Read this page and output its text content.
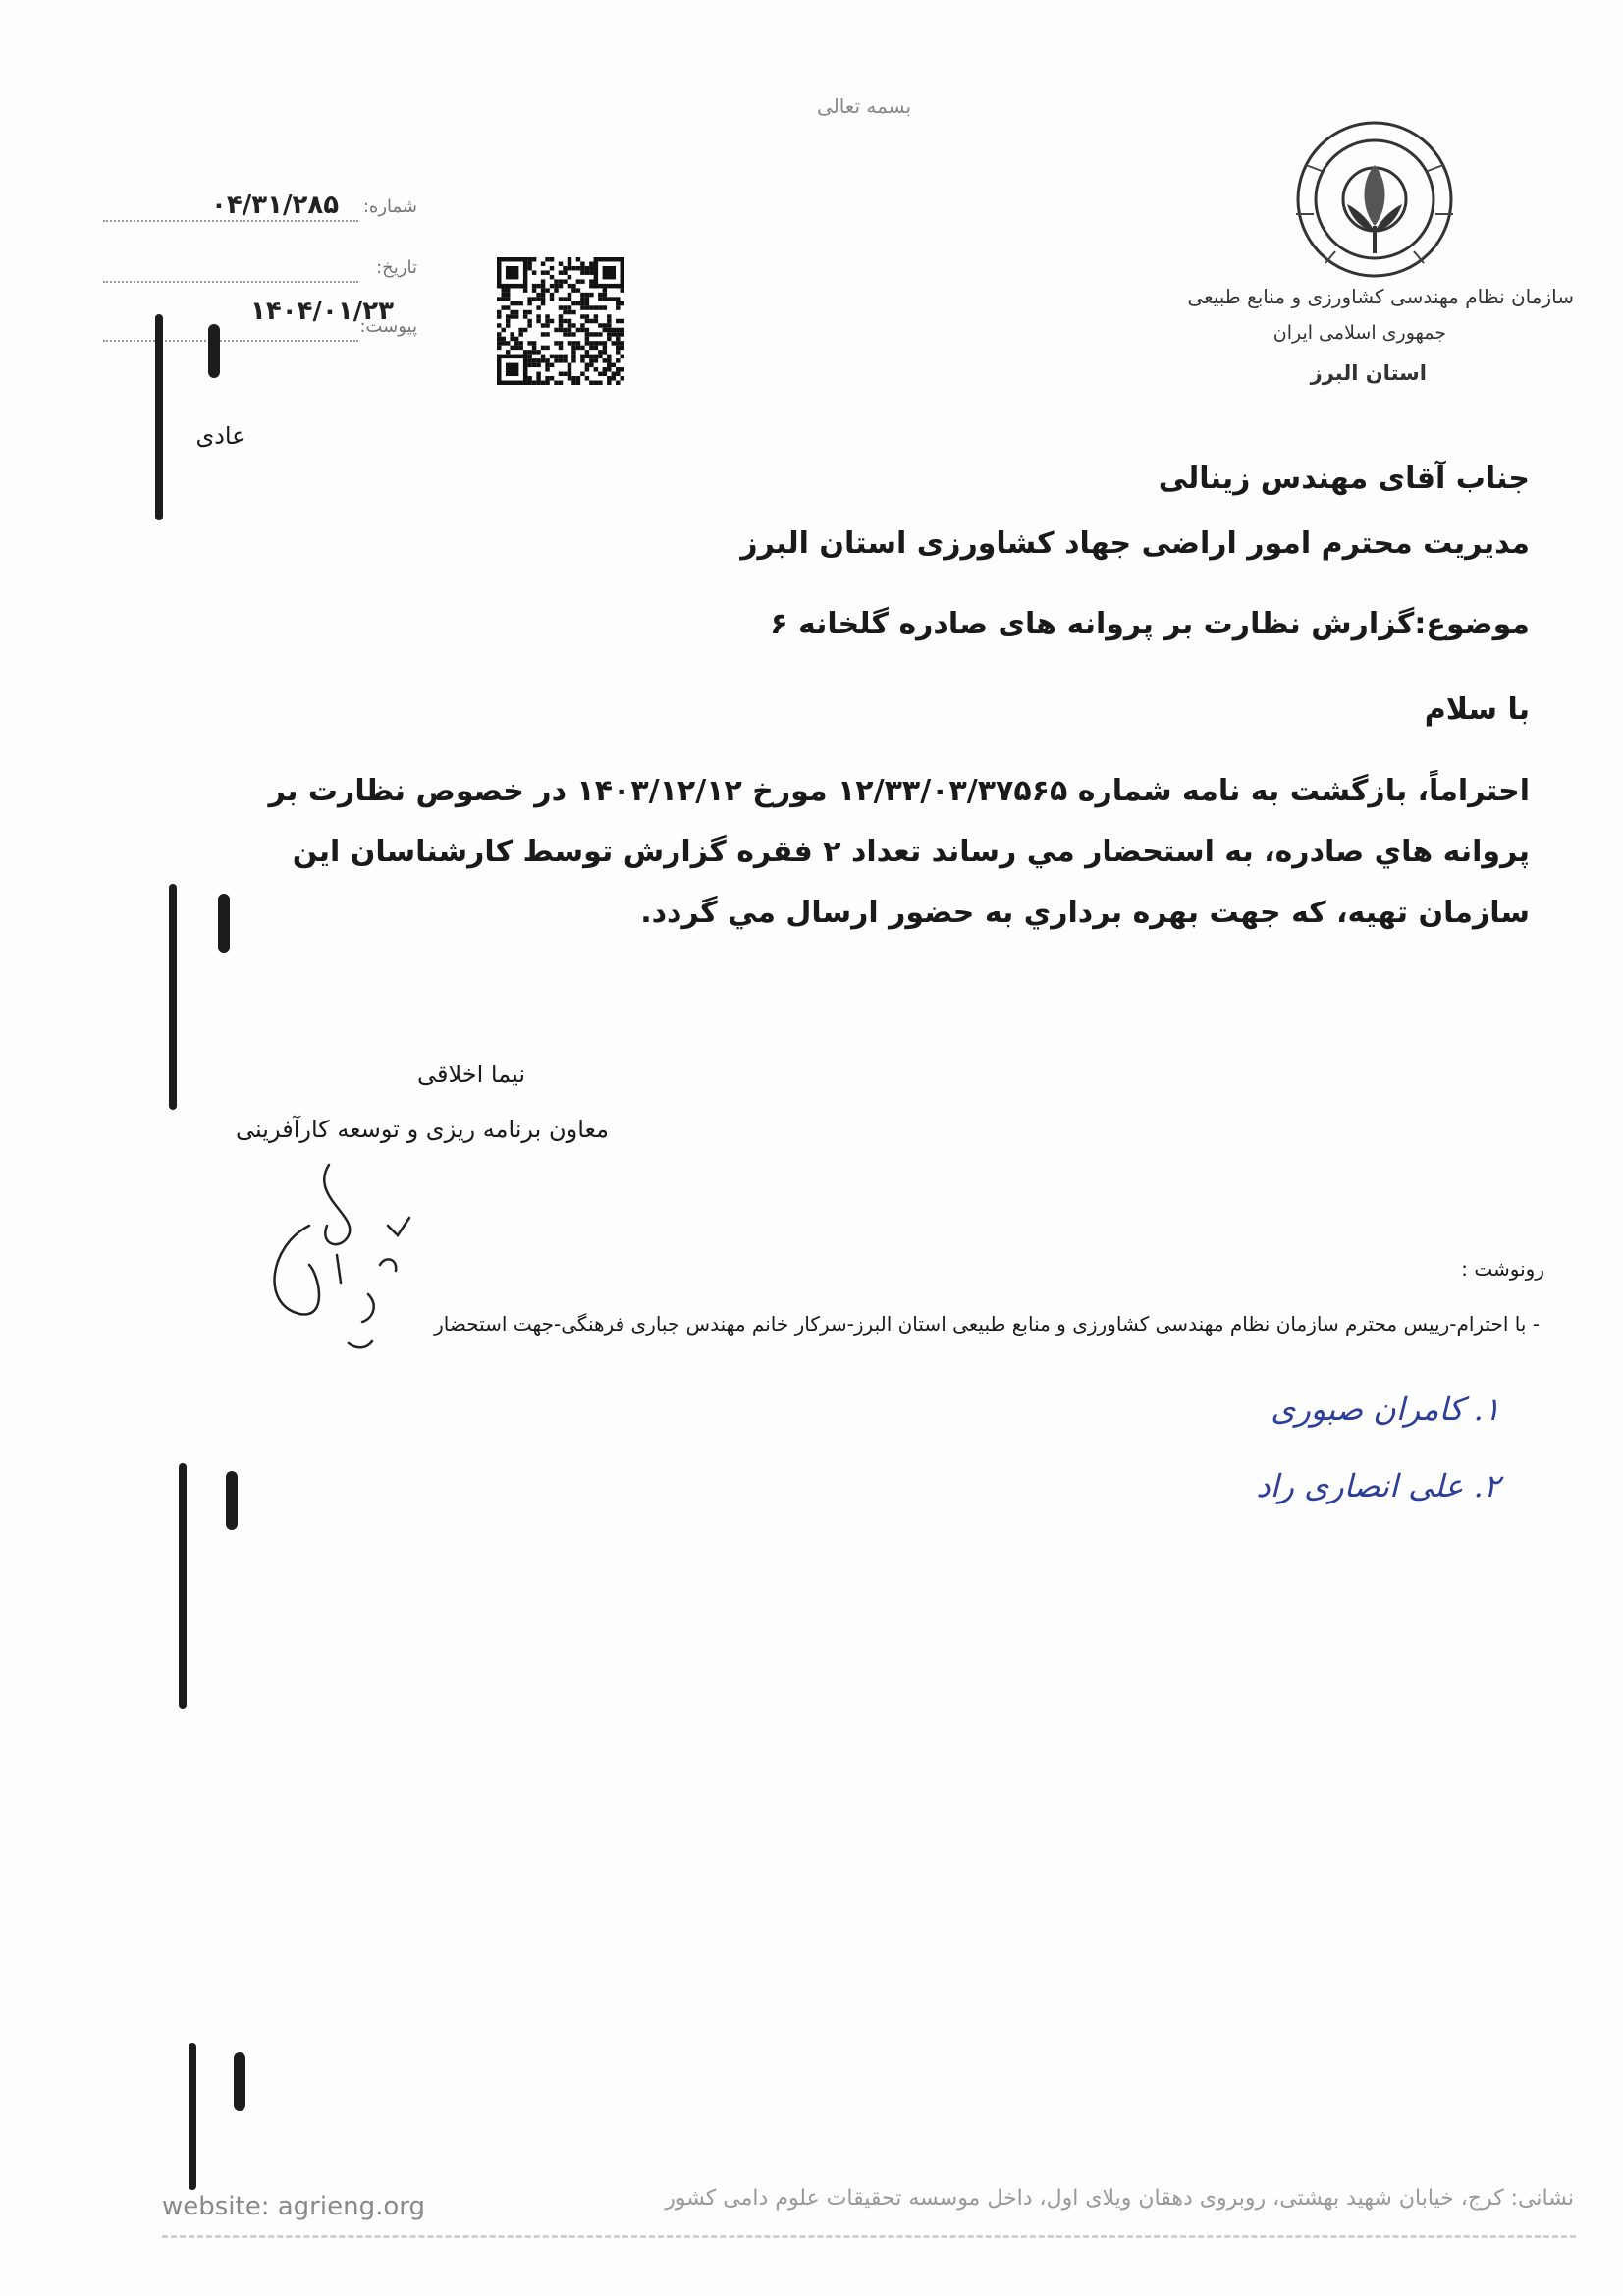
بسمه تعالی
سازمان نظام مهندسی کشاورزی و منابع طبیعی
جمهوری اسلامی ایران
استان البرز
شماره:
۰۴/۳۱/۲۸۵
تاریخ:
۱۴۰۴/۰۱/۲۳
پیوست:
عادی
جناب آقای مهندس زینالی
مدیریت محترم امور اراضی جهاد کشاورزی استان البرز
موضوع:گزارش نظارت بر پروانه های صادره گلخانه ۶
با سلام
احتراماً، بازگشت به نامه شماره ۱۲/۳۳/۰۳/۳۷۵۶۵ مورخ ۱۴۰۳/۱۲/۱۲ در خصوص نظارت بر پروانه هاي صادره، به استحضار مي رساند تعداد ۲ فقره گزارش توسط کارشناسان این سازمان تهیه، که جهت بهره برداري به حضور ارسال مي گردد.
نیما اخلاقی
معاون برنامه ریزی و توسعه کارآفرینی
رونوشت :
- با احترام-رییس محترم سازمان نظام مهندسی کشاورزی و منابع طبیعی استان البرز-سرکار خانم مهندس جباری فرهنگی-جهت استحضار
۱. کامران صبوری
۲. علی انصاری راد
نشانی: کرج، خیابان شهید بهشتی، روبروی دهقان ویلای اول، داخل موسسه تحقیقات علوم دامی کشور
website: agrieng.org
